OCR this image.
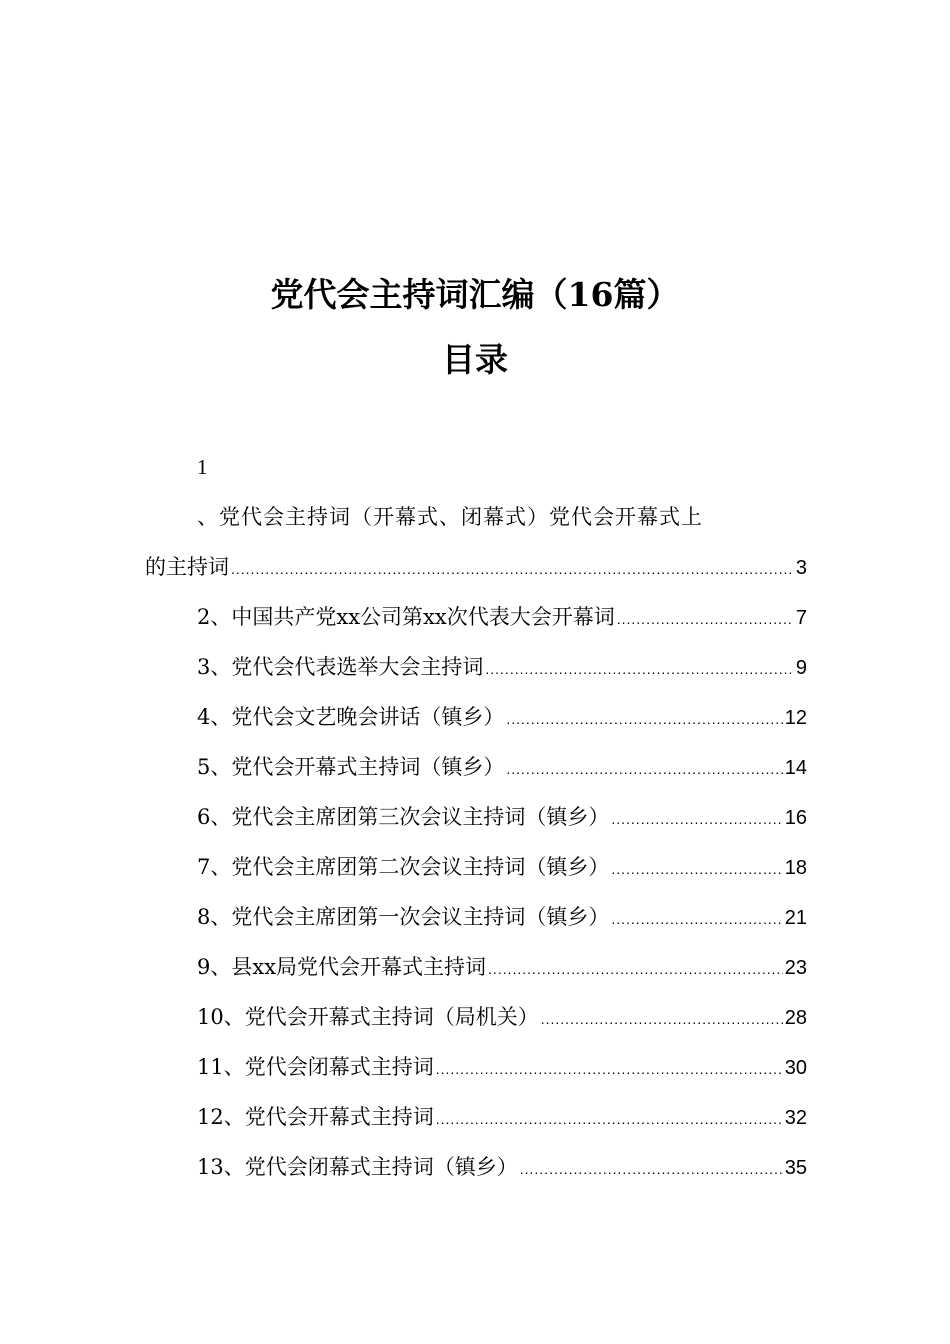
党代会主持词汇编（16篇）
目录
1
、党代会主持词（开幕式、闭幕式）党代会开幕式上
的主持词 .....	3
2、中国共产党xx公司第xx次代表大会开幕词 .....	7
3、党代会代表选举大会主持词 .....	9
4、党代会文艺晚会讲话（镇乡） .....	12
5、党代会开幕式主持词（镇乡） .....	14
6、党代会主席团第三次会议主持词（镇乡） .....	16
7、党代会主席团第二次会议主持词（镇乡） .....	18
8、党代会主席团第一次会议主持词（镇乡） .....	21
9、县xx局党代会开幕式主持词 .....	23
10、党代会开幕式主持词（局机关） .....	28
11、党代会闭幕式主持词 .....	30
12、党代会开幕式主持词 .....	32
13、党代会闭幕式主持词（镇乡） .....	35
